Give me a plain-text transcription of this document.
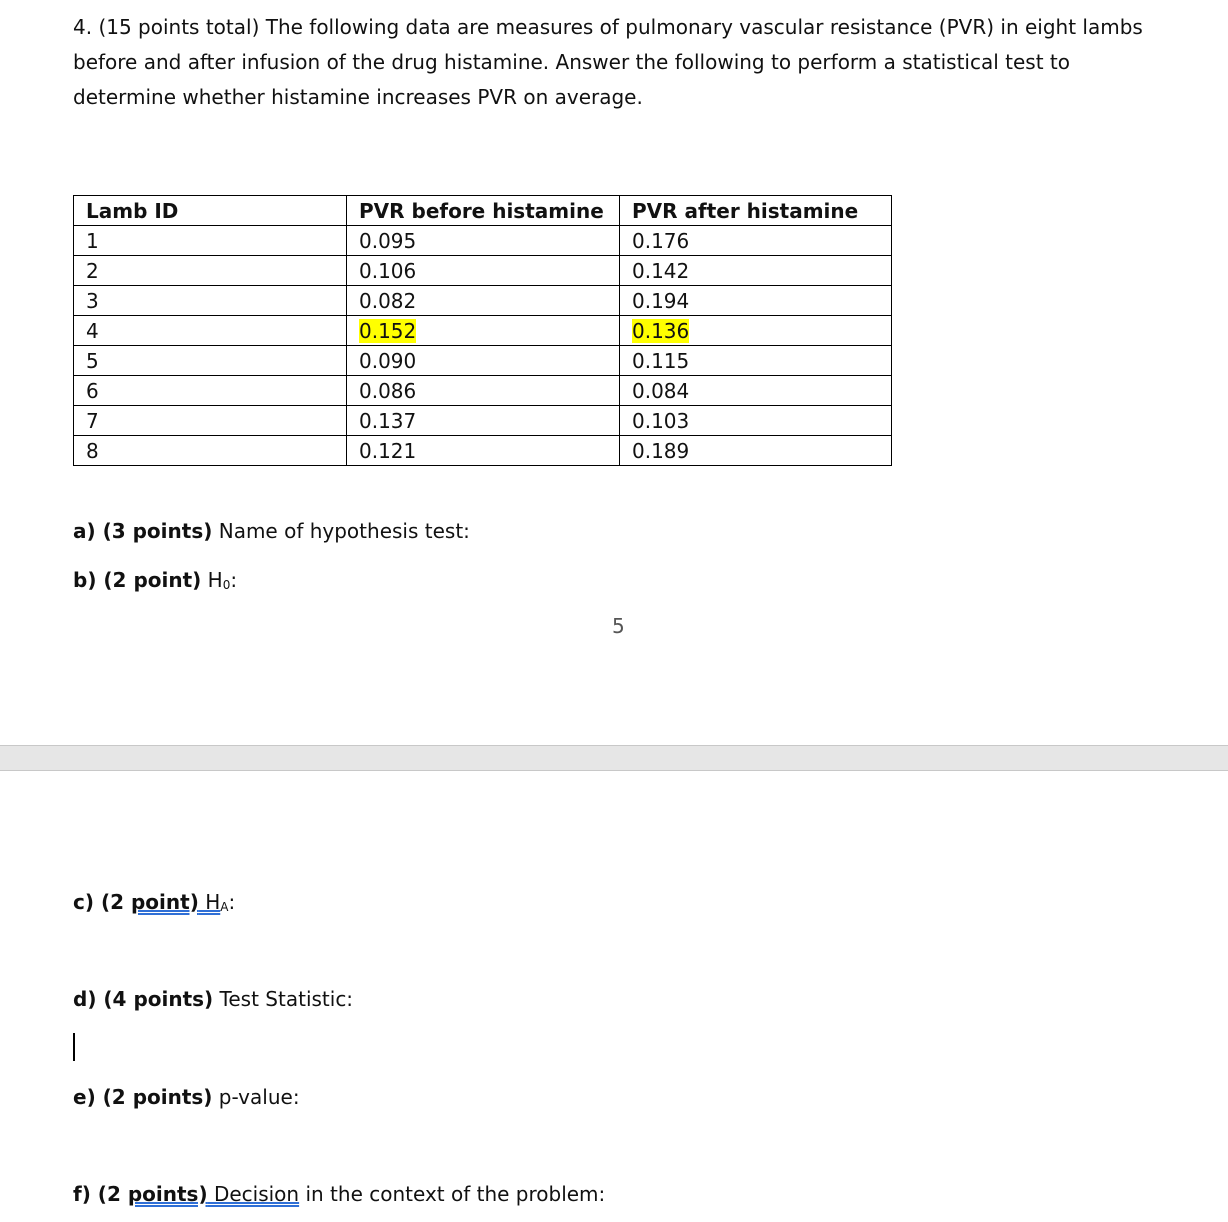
4. (15 points total) The following data are measures of pulmonary vascular resistance (PVR) in eight lambs before and after infusion of the drug histamine. Answer the following to perform a statistical test to determine whether histamine increases PVR on average.

Lamb ID	PVR before histamine	PVR after histamine
1	0.095	0.176
2	0.106	0.142
3	0.082	0.194
4	0.152	0.136
5	0.090	0.115
6	0.086	0.084
7	0.137	0.103
8	0.121	0.189

a) (3 points) Name of hypothesis test:

b) (2 point) $H_0$:

5

c) (2 point) $H_A$:

d) (4 points) Test Statistic:

e) (2 points) p-value:

f) (2 points) Decision in the context of the problem:
